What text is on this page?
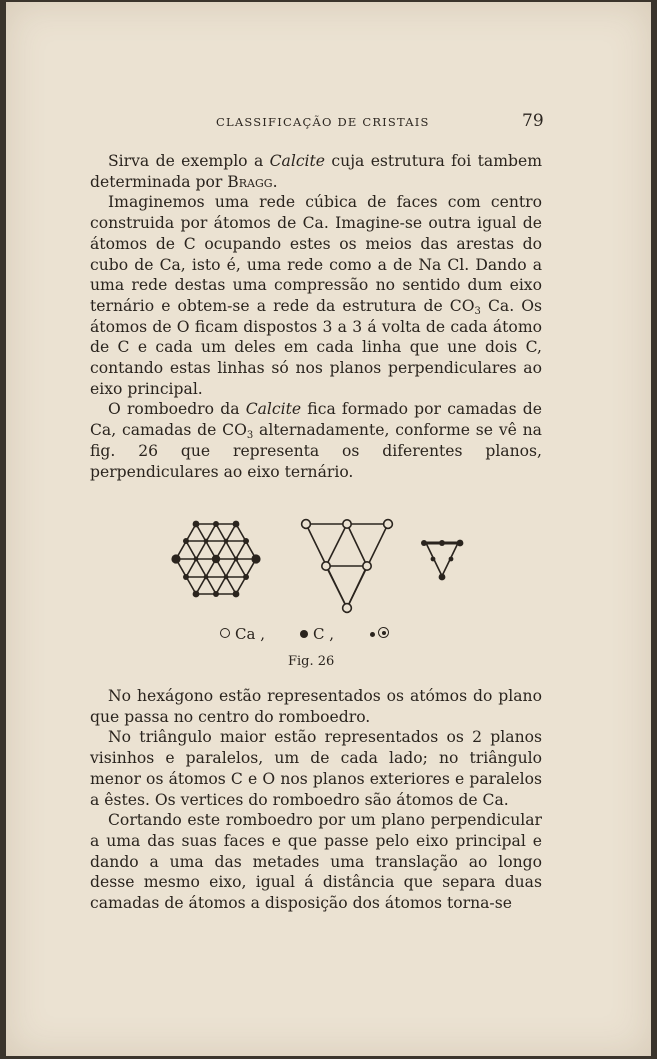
CLASSIFICAÇÃO DE CRISTAIS	79

Sirva de exemplo a Calcite cuja estrutura foi tambem determinada por Bragg.

Imaginemos uma rede cúbica de faces com centro construida por átomos de Ca. Imagine-se outra igual de átomos de C ocupando estes os meios das arestas do cubo de Ca, isto é, uma rede como a de Na Cl. Dando a uma rede destas uma compressão no sentido dum eixo ternário e obtem-se a rede da estrutura de $CO_3$ Ca. Os átomos de O ficam dispostos 3 a 3 á volta de cada átomo de C e cada um deles em cada linha que une dois C, contando estas linhas só nos planos perpendiculares ao eixo principal.

O romboedro da Calcite fica formado por camadas de Ca, camadas de $CO_3$ alternadamente, conforme se vê na fig. 26 que representa os diferentes planos, perpendiculares ao eixo ternário.

Ca ,	C ,
Fig. 26

No hexágono estão representados os atómos do plano que passa no centro do romboedro.

No triângulo maior estão representados os 2 planos visinhos e paralelos, um de cada lado; no triângulo menor os átomos C e O nos planos exteriores e paralelos a êstes. Os vertices do romboedro são átomos de Ca.

Cortando este romboedro por um plano perpendicular a uma das suas faces e que passe pelo eixo principal e dando a uma das metades uma translação ao longo desse mesmo eixo, igual á distância que separa duas camadas de átomos a disposição dos átomos torna-se
